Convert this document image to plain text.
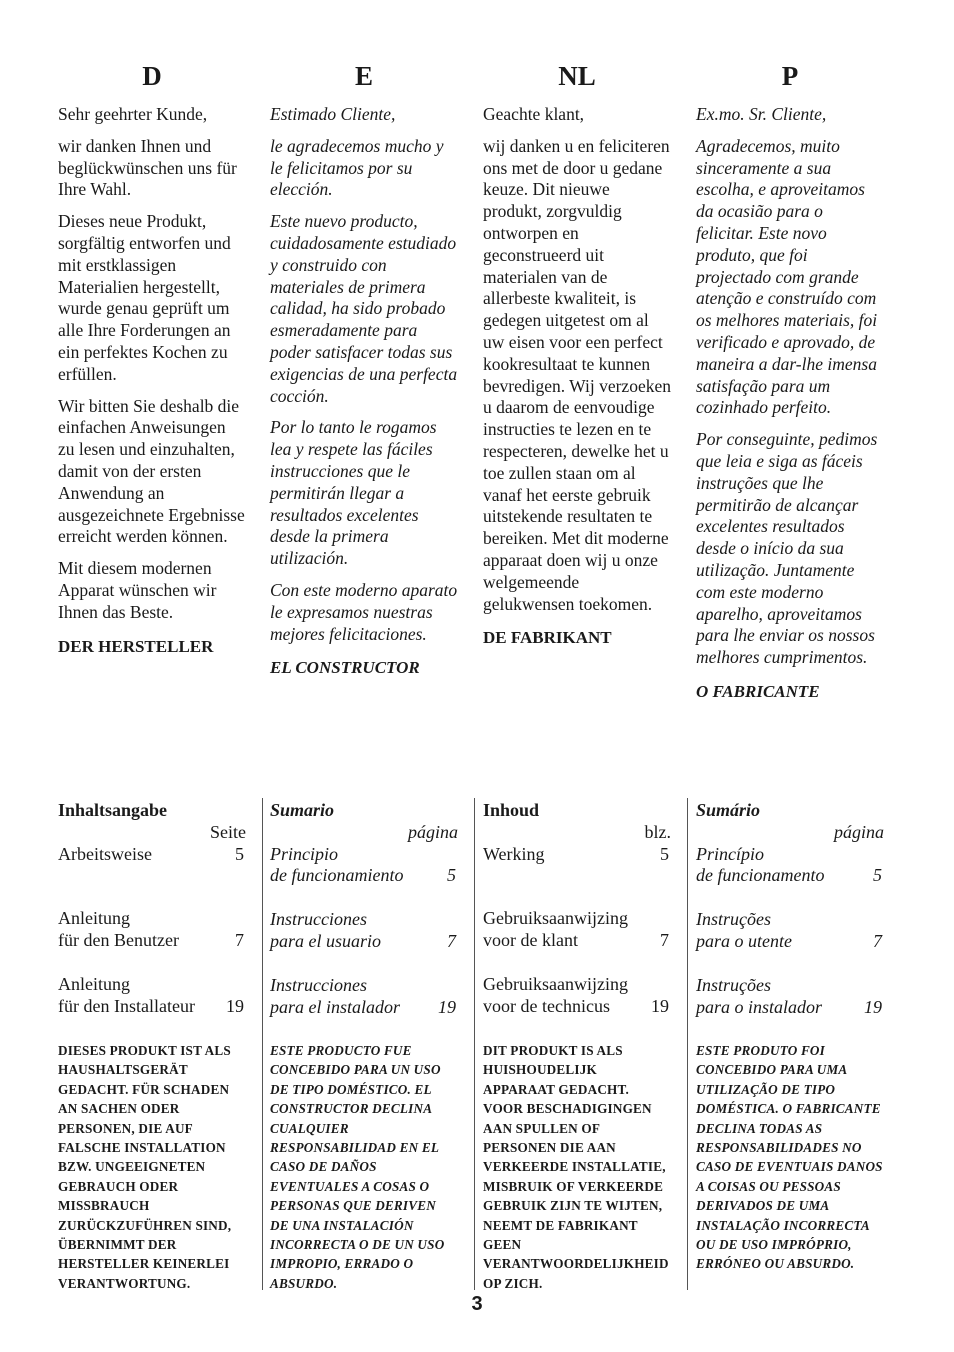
D	E	NL	P

Sehr geehrter Kunde,

wir danken Ihnen und beglückwünschen uns für Ihre Wahl.

Dieses neue Produkt, sorgfältig entworfen und mit erstklassigen Materialien hergestellt, wurde genau geprüft um alle Ihre Forderungen an ein perfektes Kochen zu erfüllen.

Wir bitten Sie deshalb die einfachen Anweisungen zu lesen und einzuhalten, damit von der ersten Anwendung an ausgezeichnete Ergebnisse erreicht werden können.

Mit diesem modernen Apparat wünschen wir Ihnen das Beste.

DER HERSTELLER

Estimado Cliente,

le agradecemos mucho y le felicitamos por su elección.

Este nuevo producto, cuidadosamente estudiado y construido con materiales de primera calidad, ha sido probado esmeradamente para poder satisfacer todas sus exigencias de una perfecta cocción.

Por lo tanto le rogamos lea y respete las fáciles instrucciones que le permitirán llegar a resultados excelentes desde la primera utilización.

Con este moderno aparato le expresamos nuestras mejores felicitaciones.

EL CONSTRUCTOR

Geachte klant,

wij danken u en feliciteren ons met de door u gedane keuze. Dit nieuwe produkt, zorgvuldig ontworpen en geconstrueerd uit materialen van de allerbeste kwaliteit, is gedegen uitgetest om al uw eisen voor een perfect kookresultaat te kunnen bevredigen. Wij verzoeken u daarom de eenvoudige instructies te lezen en te respecteren, dewelke het u toe zullen staan om al vanaf het eerste gebruik uitstekende resultaten te bereiken. Met dit moderne apparaat doen wij u onze welgemeende gelukwensen toekomen.

DE FABRIKANT

Ex.mo. Sr. Cliente,

Agradecemos, muito sinceramente a sua escolha, e aproveitamos da ocasião para o felicitar. Este novo produto, que foi projectado com grande atenção e construído com os melhores materiais, foi verificado e aprovado, de maneira a dar-lhe imensa satisfação para um cozinhado perfeito.

Por conseguinte, pedimos que leia e siga as fáceis instruções que lhe permitirão de alcançar excelentes resultados desde o início da sua utilização. Juntamente com este moderno aparelho, aproveitamos para lhe enviar os nossos melhores cumprimentos.

O FABRICANTE

Inhaltsangabe
Seite
Arbeitsweise	5
Anleitung
für den Benutzer	7
Anleitung
für den Installateur 19
Sumario
página
Principio
de funcionamiento 5
Instrucciones
para el usuario	7
Instrucciones
para el instalador 19
Inhoud
blz.
Werking	5
Gebruiksaanwijzing
voor de klant	7
Gebruiksaanwijzing
voor de technicus 19
Sumário
página
Princípio
de funcionamento	5
Instruções
para o utente	7
Instruções
para o instalador 19
DIESES PRODUKT IST ALS HAUSHALTSGERÄT GEDACHT. FÜR SCHADEN AN SACHEN ODER PERSONEN, DIE AUF FALSCHE INSTALLATION BZW. UNGEEIGNETEN GEBRAUCH ODER MISSBRAUCH ZURÜCKZUFÜHREN SIND, ÜBERNIMMT DER HERSTELLER KEINERLEI VERANTWORTUNG.
ESTE PRODUCTO FUE CONCEBIDO PARA UN USO DE TIPO DOMÉSTICO. EL CONSTRUCTOR DECLINA CUALQUIER RESPONSABILIDAD EN EL CASO DE DAÑOS EVENTUALES A COSAS O PERSONAS QUE DERIVEN DE UNA INSTALACIÓN INCORRECTA O DE UN USO IMPROPIO, ERRADO O ABSURDO.
DIT PRODUKT IS ALS HUISHOUDELIJK APPARAAT GEDACHT. VOOR BESCHADIGINGEN AAN SPULLEN OF PERSONEN DIE AAN VERKEERDE INSTALLATIE, MISBRUIK OF VERKEERDE GEBRUIK ZIJN TE WIJTEN, NEEMT DE FABRIKANT GEEN VERANTWOORDELIJKHEID OP ZICH.
ESTE PRODUTO FOI CONCEBIDO PARA UMA UTILIZAÇÃO DE TIPO DOMÉSTICA. O FABRICANTE DECLINA TODAS AS RESPONSABILIDADES NO CASO DE EVENTUAIS DANOS A COISAS OU PESSOAS DERIVADOS DE UMA INSTALAÇÃO INCORRECTA OU DE USO IMPRÓPRIO, ERRÓNEO OU ABSURDO.
3
